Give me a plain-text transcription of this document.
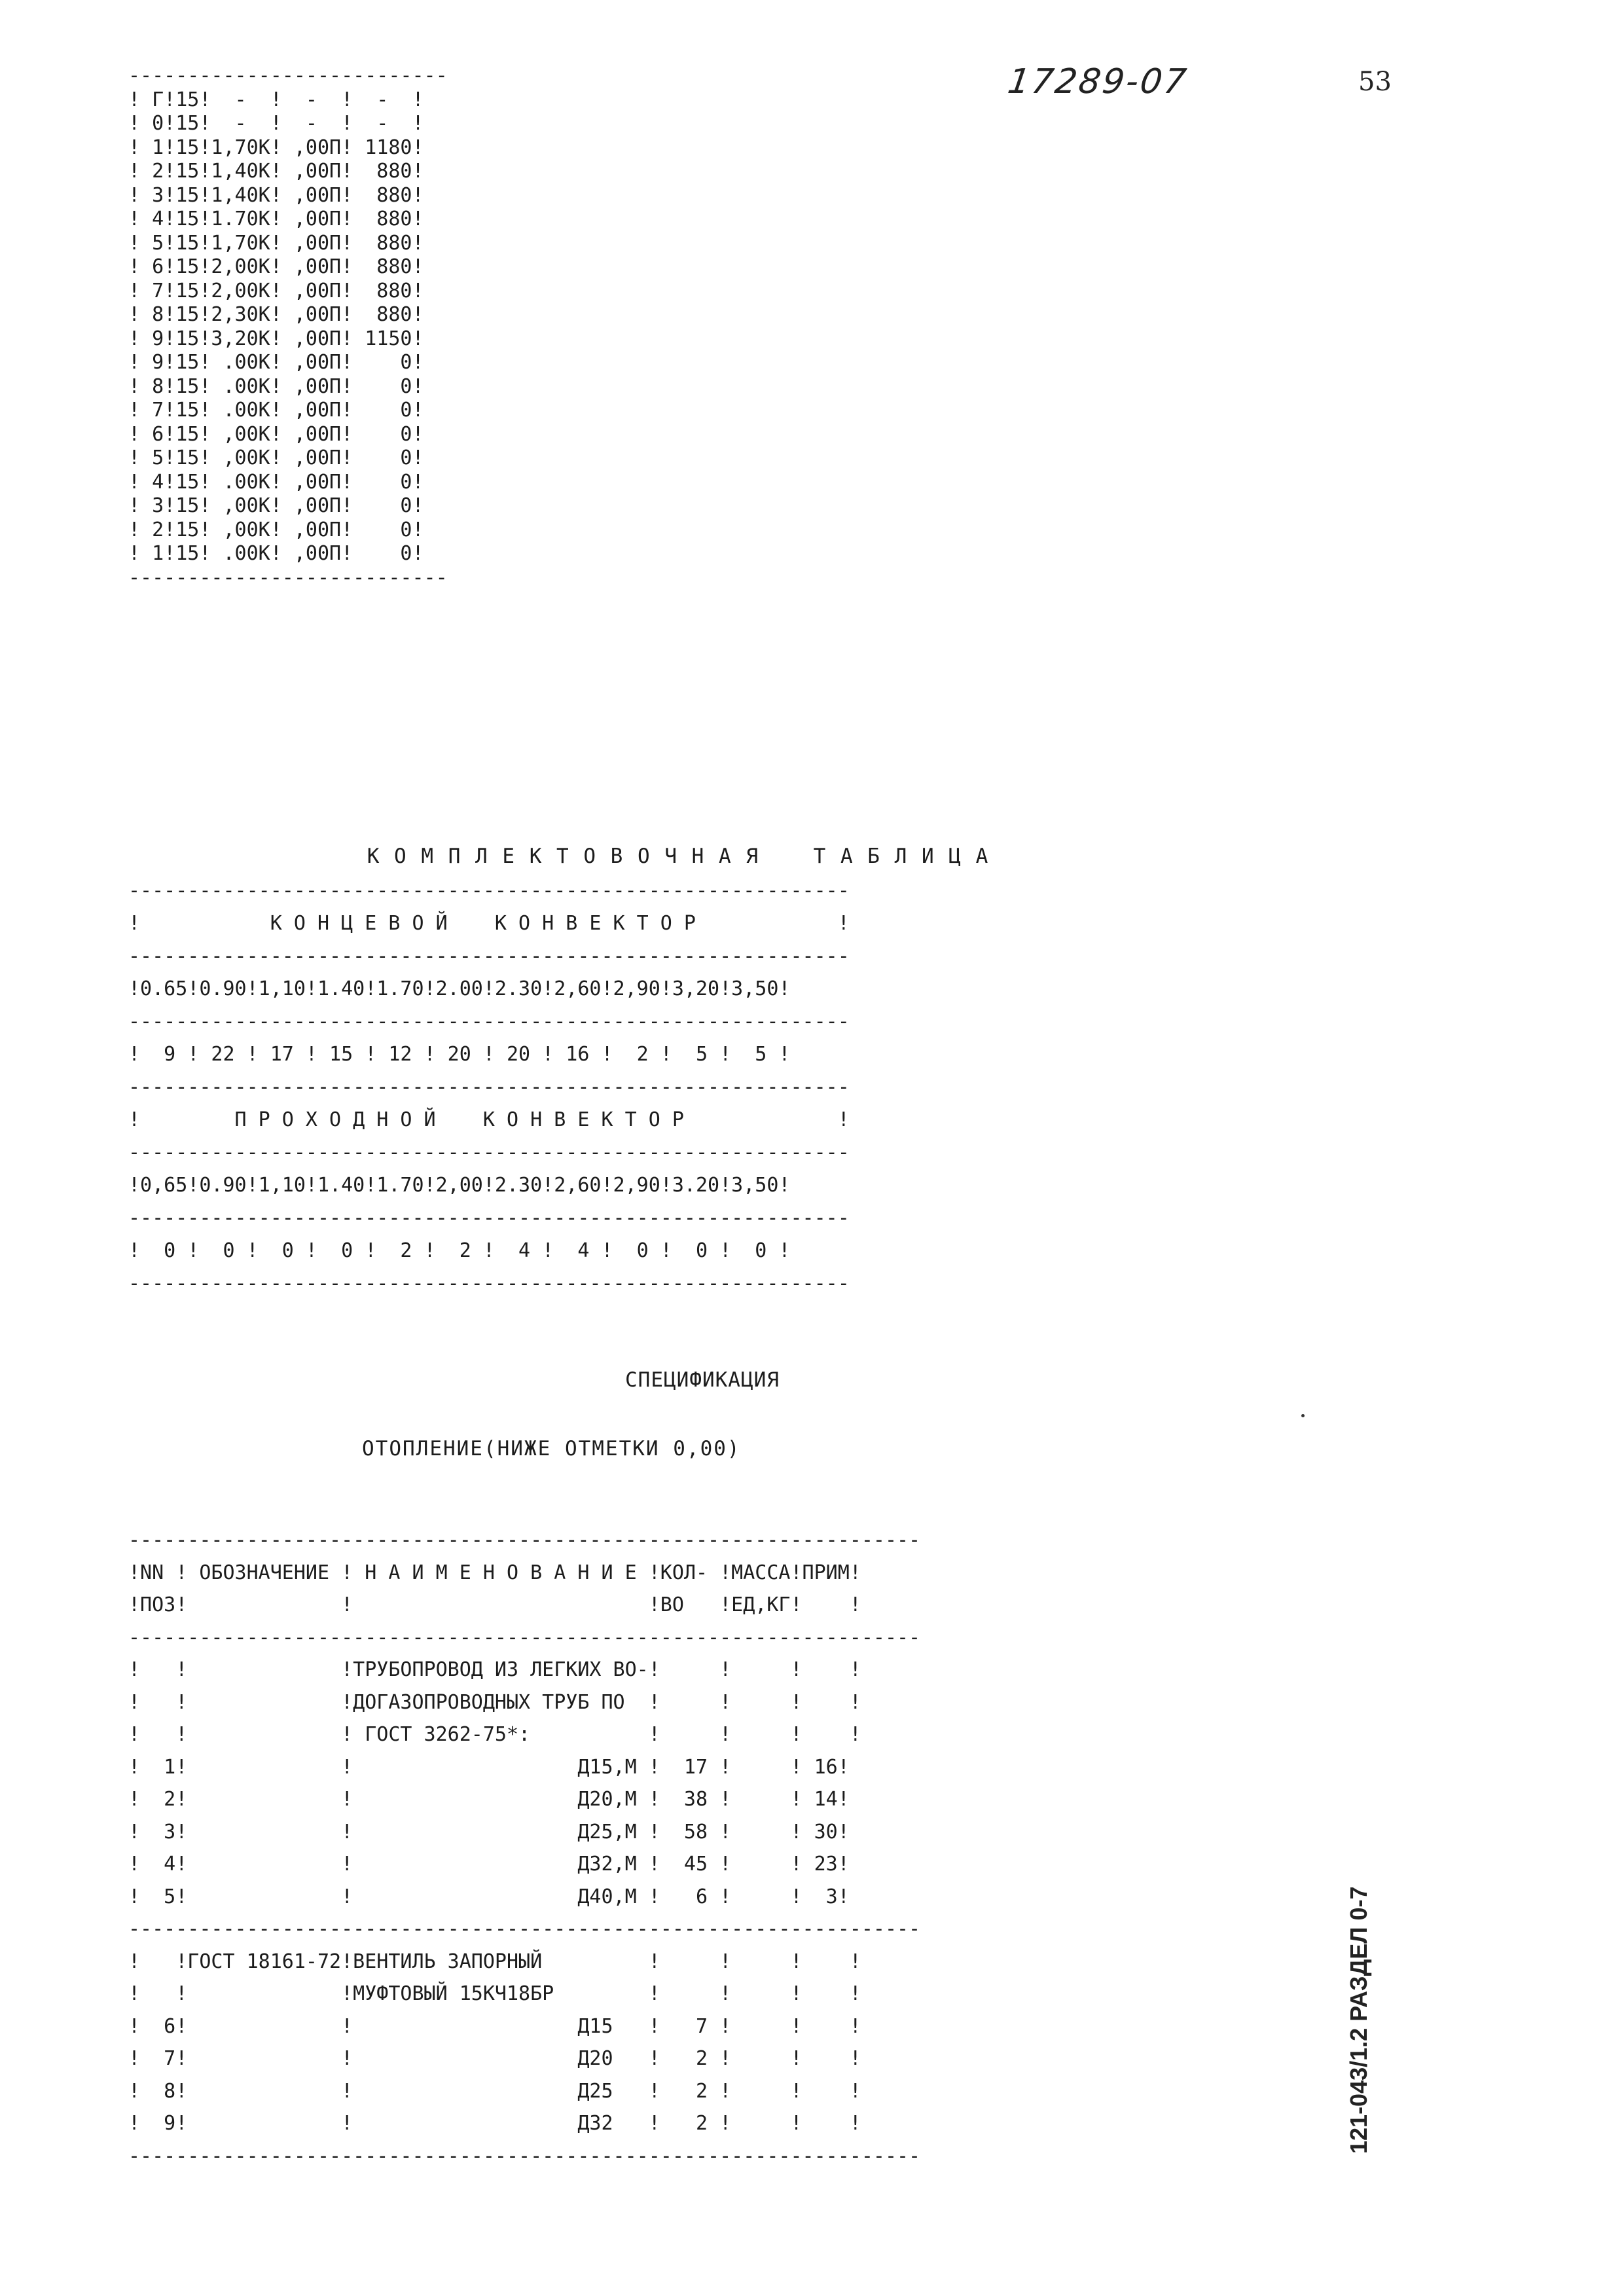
17289-07	53
---------------------------
! Г!15!  -  !  -  !  -  !
! 0!15!  -  !  -  !  -  !
! 1!15!1,70К! ,00П! 1180!
! 2!15!1,40К! ,00П!  880!
! 3!15!1,40К! ,00П!  880!
! 4!15!1.70К! ,00П!  880!
! 5!15!1,70К! ,00П!  880!
! 6!15!2,00К! ,00П!  880!
! 7!15!2,00К! ,00П!  880!
! 8!15!2,30К! ,00П!  880!
! 9!15!3,20К! ,00П! 1150!
! 9!15! .00К! ,00П!    0!
! 8!15! .00К! ,00П!    0!
! 7!15! .00К! ,00П!    0!
! 6!15! ,00К! ,00П!    0!
! 5!15! ,00К! ,00П!    0!
! 4!15! .00К! ,00П!    0!
! 3!15! ,00К! ,00П!    0!
! 2!15! ,00К! ,00П!    0!
! 1!15! .00К! ,00П!    0!
---------------------------

К О М П Л Е К Т О В О Ч Н А Я    Т А Б Л И Ц А
-------------------------------------------------------------
!           К О Н Ц Е В О Й    К О Н В Е К Т О Р            !
-------------------------------------------------------------
!0.65!0.90!1,10!1.40!1.70!2.00!2.30!2,60!2,90!3,20!3,50!
-------------------------------------------------------------
!  9 ! 22 ! 17 ! 15 ! 12 ! 20 ! 20 ! 16 !  2 !  5 !  5 !
-------------------------------------------------------------
!        П Р О Х О Д Н О Й    К О Н В Е К Т О Р             !
-------------------------------------------------------------
!0,65!0.90!1,10!1.40!1.70!2,00!2.30!2,60!2,90!3.20!3,50!
-------------------------------------------------------------
!  0 !  0 !  0 !  0 !  2 !  2 !  4 !  4 !  0 !  0 !  0 !
-------------------------------------------------------------

СПЕЦИФИКАЦИЯ
ОТОПЛЕНИЕ(НИЖЕ ОТМЕТКИ 0,00)
-------------------------------------------------------------------
!NN ! ОБОЗНАЧЕНИЕ ! Н А И М Е Н О В А Н И Е !КОЛ- !МАССА!ПРИМ!
!ПОЗ!             !                         !ВО   !ЕД,КГ!    !
-------------------------------------------------------------------
!   !             !ТРУБОПРОВОД ИЗ ЛЕГКИХ ВО-!     !     !    !
!   !             !ДОГАЗОПРОВОДНЫХ ТРУБ ПО  !     !     !    !
!   !             ! ГОСТ 3262-75*:          !     !     !    !
!  1!             !                   Д15,М !  17 !     ! 16!
!  2!             !                   Д20,М !  38 !     ! 14!
!  3!             !                   Д25,М !  58 !     ! 30!
!  4!             !                   Д32,М !  45 !     ! 23!
!  5!             !                   Д40,М !   6 !     !  3!
-------------------------------------------------------------------
!   !ГОСТ 18161-72!ВЕНТИЛЬ ЗАПОРНЫЙ         !     !     !    !
!   !             !МУФТОВЫЙ 15КЧ18БР        !     !     !    !
!  6!             !                   Д15   !   7 !     !    !
!  7!             !                   Д20   !   2 !     !    !
!  8!             !                   Д25   !   2 !     !    !
!  9!             !                   Д32   !   2 !     !    !
-------------------------------------------------------------------

121-043/1.2 РАЗДЕЛ 0-7
